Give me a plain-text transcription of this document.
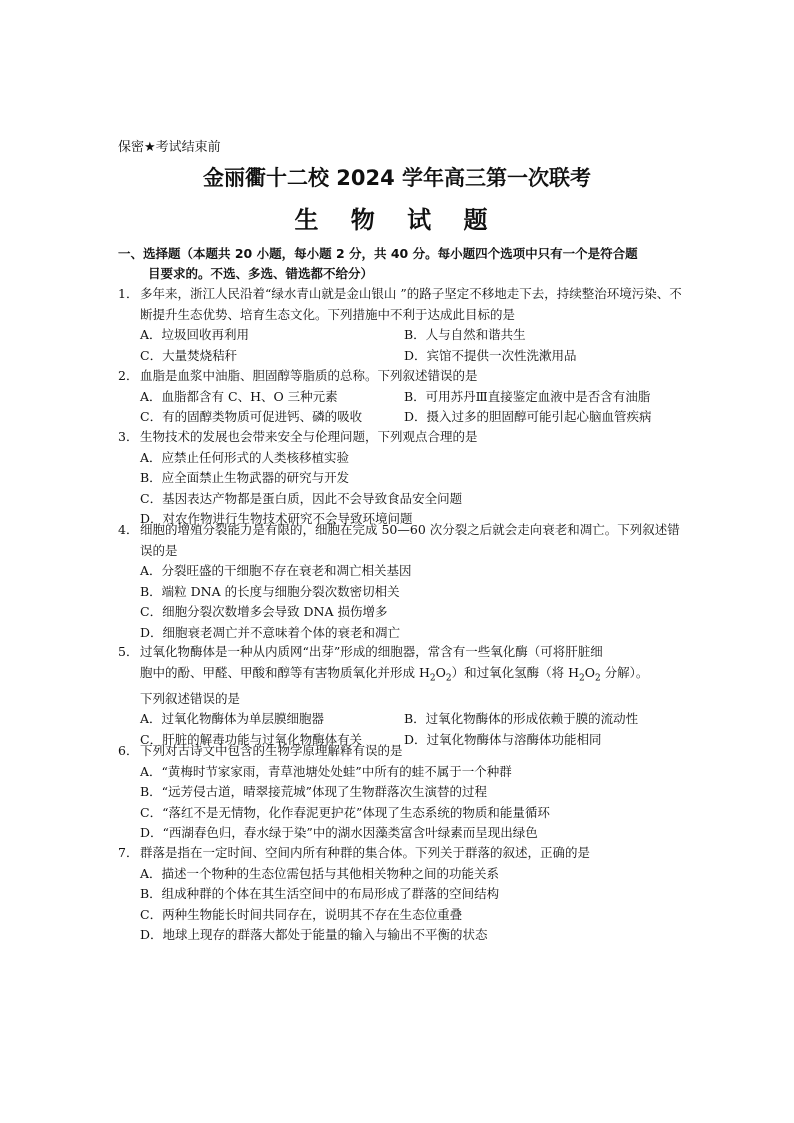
保密★考试结束前
金丽衢十二校 2024 学年高三第一次联考
生 物 试 题
一、选择题（本题共 20 小题，每小题 2 分，共 40 分。每小题四个选项中只有一个是符合题
目要求的。不选、多选、错选都不给分）
1． 多年来，浙江人民沿着“绿水青山就是金山银山 ”的路子坚定不移地走下去，持续整治环境污染、不断提升生态优势、培育生态文化。下列措施中不利于达成此目标的是
A．垃圾回收再利用	B．人与自然和谐共生
C．大量焚烧秸秆	D．宾馆不提供一次性洗漱用品
2． 血脂是血浆中油脂、胆固醇等脂质的总称。下列叙述错误的是
A．血脂都含有 C、H、O 三种元素	B．可用苏丹Ⅲ直接鉴定血液中是否含有油脂
C．有的固醇类物质可促进钙、磷的吸收	D．摄入过多的胆固醇可能引起心脑血管疾病
3． 生物技术的发展也会带来安全与伦理问题，下列观点合理的是
A．应禁止任何形式的人类核移植实验
B．应全面禁止生物武器的研究与开发
C．基因表达产物都是蛋白质，因此不会导致食品安全问题
D．对农作物进行生物技术研究不会导致环境问题
4． 细胞的增殖分裂能力是有限的，细胞在完成 50—60 次分裂之后就会走向衰老和凋亡。下列叙述错误的是
A．分裂旺盛的干细胞不存在衰老和凋亡相关基因
B．端粒 DNA 的长度与细胞分裂次数密切相关
C．细胞分裂次数增多会导致 DNA 损伤增多
D．细胞衰老凋亡并不意味着个体的衰老和凋亡
5． 过氧化物酶体是一种从内质网“出芽”形成的细胞器，常含有一些氧化酶（可将肝脏细
胞中的酚、甲醛、甲酸和醇等有害物质氧化并形成 $H_2O_2$）和过氧化氢酶（将 $H_2O_2$ 分解）。
下列叙述错误的是
A．过氧化物酶体为单层膜细胞器	B．过氧化物酶体的形成依赖于膜的流动性
C．肝脏的解毒功能与过氧化物酶体有关	D．过氧化物酶体与溶酶体功能相同
6． 下列对古诗文中包含的生物学原理解释有误的是
A．“黄梅时节家家雨，青草池塘处处蛙”中所有的蛙不属于一个种群
B．“远芳侵古道，晴翠接荒城”体现了生物群落次生演替的过程
C．“落红不是无情物，化作春泥更护花”体现了生态系统的物质和能量循环
D．“西湖春色归，春水绿于染”中的湖水因藻类富含叶绿素而呈现出绿色
7． 群落是指在一定时间、空间内所有种群的集合体。下列关于群落的叙述，正确的是
A．描述一个物种的生态位需包括与其他相关物种之间的功能关系
B．组成种群的个体在其生活空间中的布局形成了群落的空间结构
C．两种生物能长时间共同存在，说明其不存在生态位重叠
D．地球上现存的群落大都处于能量的输入与输出不平衡的状态
